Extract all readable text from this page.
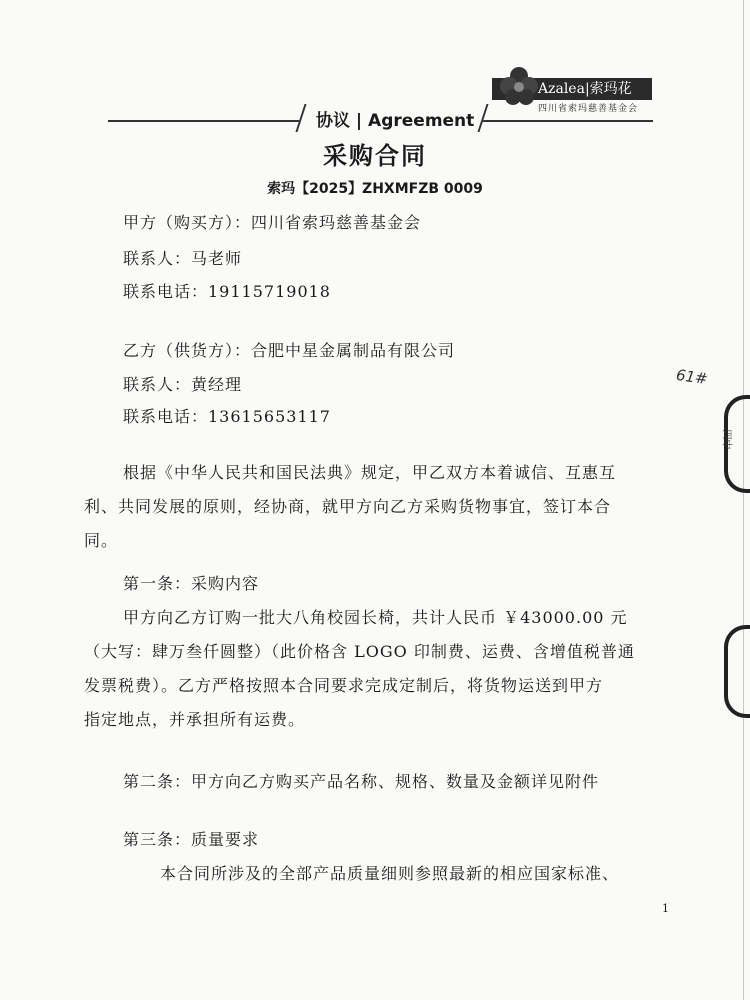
Azalea|索玛花
四川省索玛慈善基金会
协议 | Agreement
采购合同
索玛【2025】ZHXMFZB 0009
甲方（购买方）：四川省索玛慈善基金会
联系人：马老师
联系电话：19115719018
乙方（供货方）：合肥中星金属制品有限公司
联系人：黄经理
联系电话：13615653117
根据《中华人民共和国民法典》规定，甲乙双方本着诚信、互惠互
利、共同发展的原则，经协商，就甲方向乙方采购货物事宜，签订本合
同。
第一条：采购内容
甲方向乙方订购一批大八角校园长椅，共计人民币 ￥43000.00 元
（大写：肆万叁仟圆整）（此价格含 LOGO 印制费、运费、含增值税普通
发票税费）。乙方严格按照本合同要求完成定制后，将货物运送到甲方
指定地点，并承担所有运费。
第二条：甲方向乙方购买产品名称、规格、数量及金额详见附件
第三条：质量要求
本合同所涉及的全部产品质量细则参照最新的相应国家标准、
61#
四中
1
